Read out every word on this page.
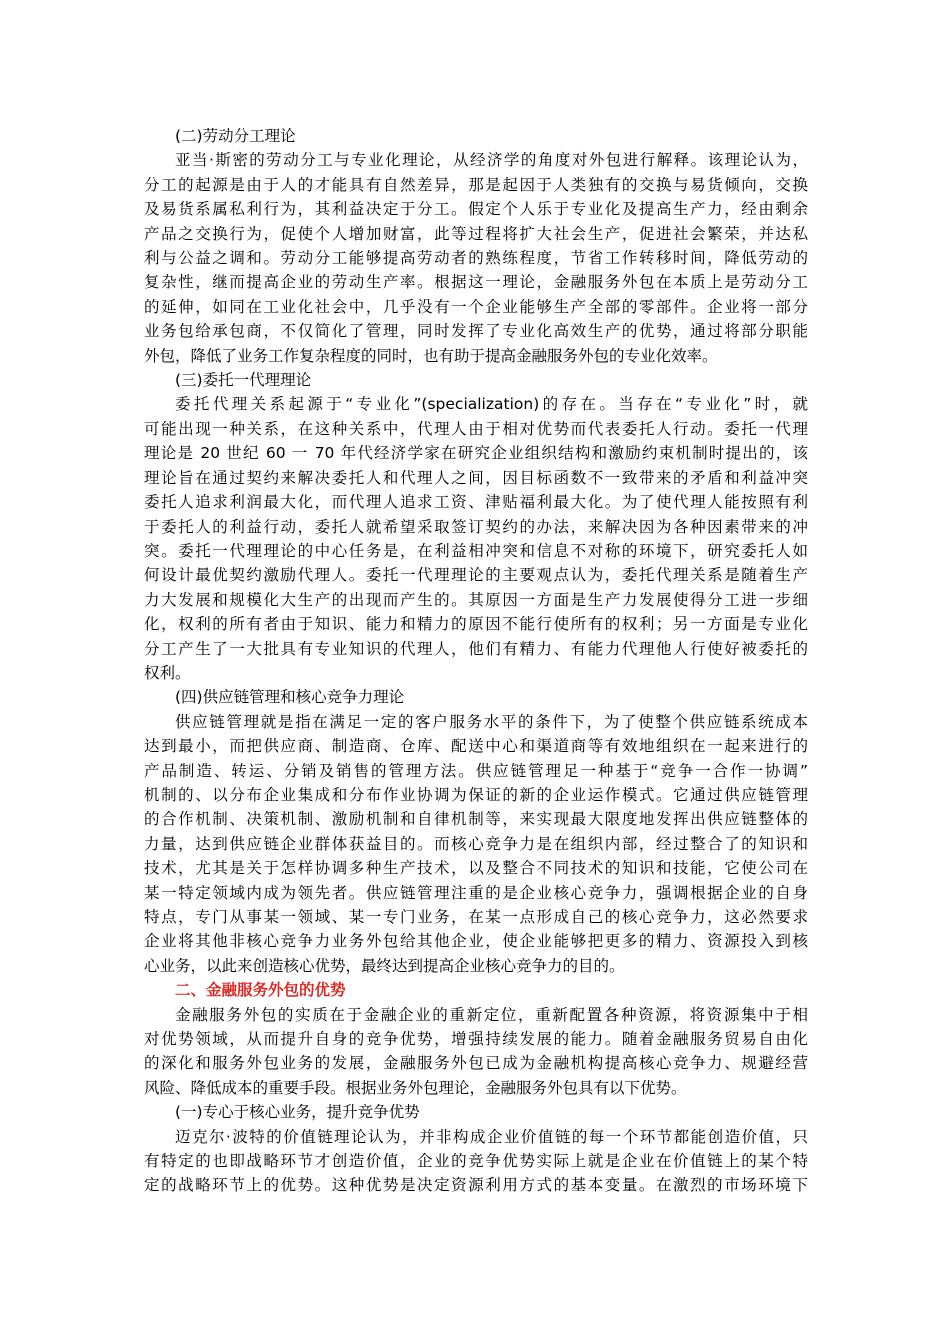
(二)劳动分工理论
亚当·斯密的劳动分工与专业化理论，从经济学的角度对外包进行解释。该理论认为，
分工的起源是由于人的才能具有自然差异，那是起因于人类独有的交换与易货倾向，交换
及易货系属私利行为，其利益决定于分工。假定个人乐于专业化及提高生产力，经由剩余
产品之交换行为，促使个人增加财富，此等过程将扩大社会生产，促进社会繁荣，并达私
利与公益之调和。劳动分工能够提高劳动者的熟练程度，节省工作转移时间，降低劳动的
复杂性，继而提高企业的劳动生产率。根据这一理论，金融服务外包在本质上是劳动分工
的延伸，如同在工业化社会中，几乎没有一个企业能够生产全部的零部件。企业将一部分
业务包给承包商，不仅简化了管理，同时发挥了专业化高效生产的优势，通过将部分职能
外包，降低了业务工作复杂程度的同时，也有助于提高金融服务外包的专业化效率。
(三)委托一代理理论
委托代理关系起源于“专业化”(specialization)的存在。当存在“专业化”时，就
可能出现一种关系，在这种关系中，代理人由于相对优势而代表委托人行动。委托一代理
理论是 20 世纪 60 一 70 年代经济学家在研究企业组织结构和激励约束机制时提出的，该
理论旨在通过契约来解决委托人和代理人之间，因目标函数不一致带来的矛盾和利益冲突
委托人追求利润最大化，而代理人追求工资、津贴福利最大化。为了使代理人能按照有利
于委托人的利益行动，委托人就希望采取签订契约的办法，来解决因为各种因素带来的冲
突。委托一代理理论的中心任务是，在利益相冲突和信息不对称的环境下，研究委托人如
何设计最优契约激励代理人。委托一代理理论的主要观点认为，委托代理关系是随着生产
力大发展和规模化大生产的出现而产生的。其原因一方面是生产力发展使得分工进一步细
化，权利的所有者由于知识、能力和精力的原因不能行使所有的权利；另一方面是专业化
分工产生了一大批具有专业知识的代理人，他们有精力、有能力代理他人行使好被委托的
权利。
(四)供应链管理和核心竞争力理论
供应链管理就是指在满足一定的客户服务水平的条件下，为了使整个供应链系统成本
达到最小，而把供应商、制造商、仓库、配送中心和渠道商等有效地组织在一起来进行的
产品制造、转运、分销及销售的管理方法。供应链管理足一种基于“竞争一合作一协调”
机制的、以分布企业集成和分布作业协调为保证的新的企业运作模式。它通过供应链管理
的合作机制、决策机制、激励机制和自律机制等，来实现最大限度地发挥出供应链整体的
力量，达到供应链企业群体获益目的。而核心竞争力是在组织内部，经过整合了的知识和
技术，尤其是关于怎样协调多种生产技术，以及整合不同技术的知识和技能，它使公司在
某一特定领域内成为领先者。供应链管理注重的是企业核心竞争力，强调根据企业的自身
特点，专门从事某一领域、某一专门业务，在某一点形成自己的核心竞争力，这必然要求
企业将其他非核心竞争力业务外包给其他企业，使企业能够把更多的精力、资源投入到核
心业务，以此来创造核心优势，最终达到提高企业核心竞争力的目的。
二、金融服务外包的优势
金融服务外包的实质在于金融企业的重新定位，重新配置各种资源，将资源集中于相
对优势领域，从而提升自身的竞争优势，增强持续发展的能力。随着金融服务贸易自由化
的深化和服务外包业务的发展，金融服务外包已成为金融机构提高核心竞争力、规避经营
风险、降低成本的重要手段。根据业务外包理论，金融服务外包具有以下优势。
(一)专心于核心业务，提升竞争优势
迈克尔·波特的价值链理论认为，并非构成企业价值链的每一个环节都能创造价值，只
有特定的也即战略环节才创造价值，企业的竞争优势实际上就是企业在价值链上的某个特
定的战略环节上的优势。这种优势是决定资源利用方式的基本变量。在激烈的市场环境下
